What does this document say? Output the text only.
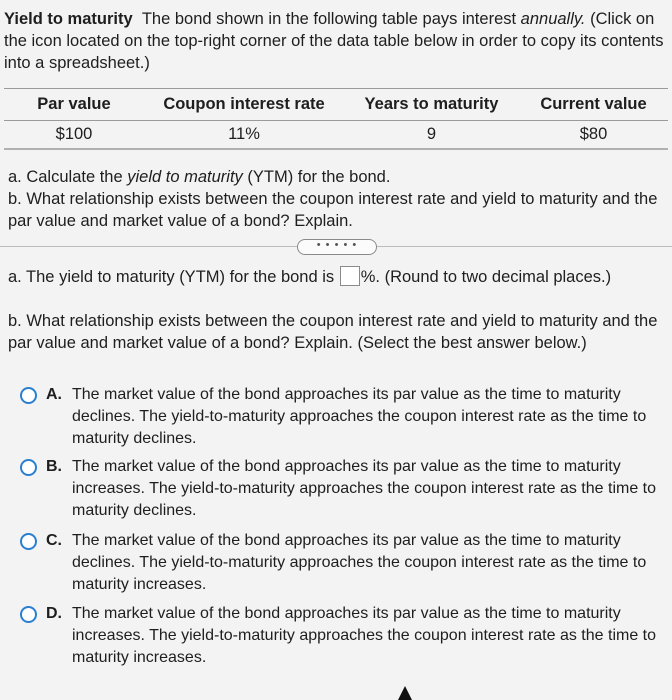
Yield to maturity The bond shown in the following table pays interest annually. (Click on the icon located on the top-right corner of the data table below in order to copy its contents into a spreadsheet.)
Par value	Coupon interest rate	Years to maturity	Current value
$100	11%	9	$80
a. Calculate the yield to maturity (YTM) for the bond.
b. What relationship exists between the coupon interest rate and yield to maturity and the par value and market value of a bond? Explain.
• • • • •
a. The yield to maturity (YTM) for the bond is %. (Round to two decimal places.)
b. What relationship exists between the coupon interest rate and yield to maturity and the par value and market value of a bond? Explain. (Select the best answer below.)
A. The market value of the bond approaches its par value as the time to maturity declines. The yield-to-maturity approaches the coupon interest rate as the time to maturity declines.
B. The market value of the bond approaches its par value as the time to maturity increases. The yield-to-maturity approaches the coupon interest rate as the time to maturity declines.
C. The market value of the bond approaches its par value as the time to maturity declines. The yield-to-maturity approaches the coupon interest rate as the time to maturity increases.
D. The market value of the bond approaches its par value as the time to maturity increases. The yield-to-maturity approaches the coupon interest rate as the time to maturity increases.
